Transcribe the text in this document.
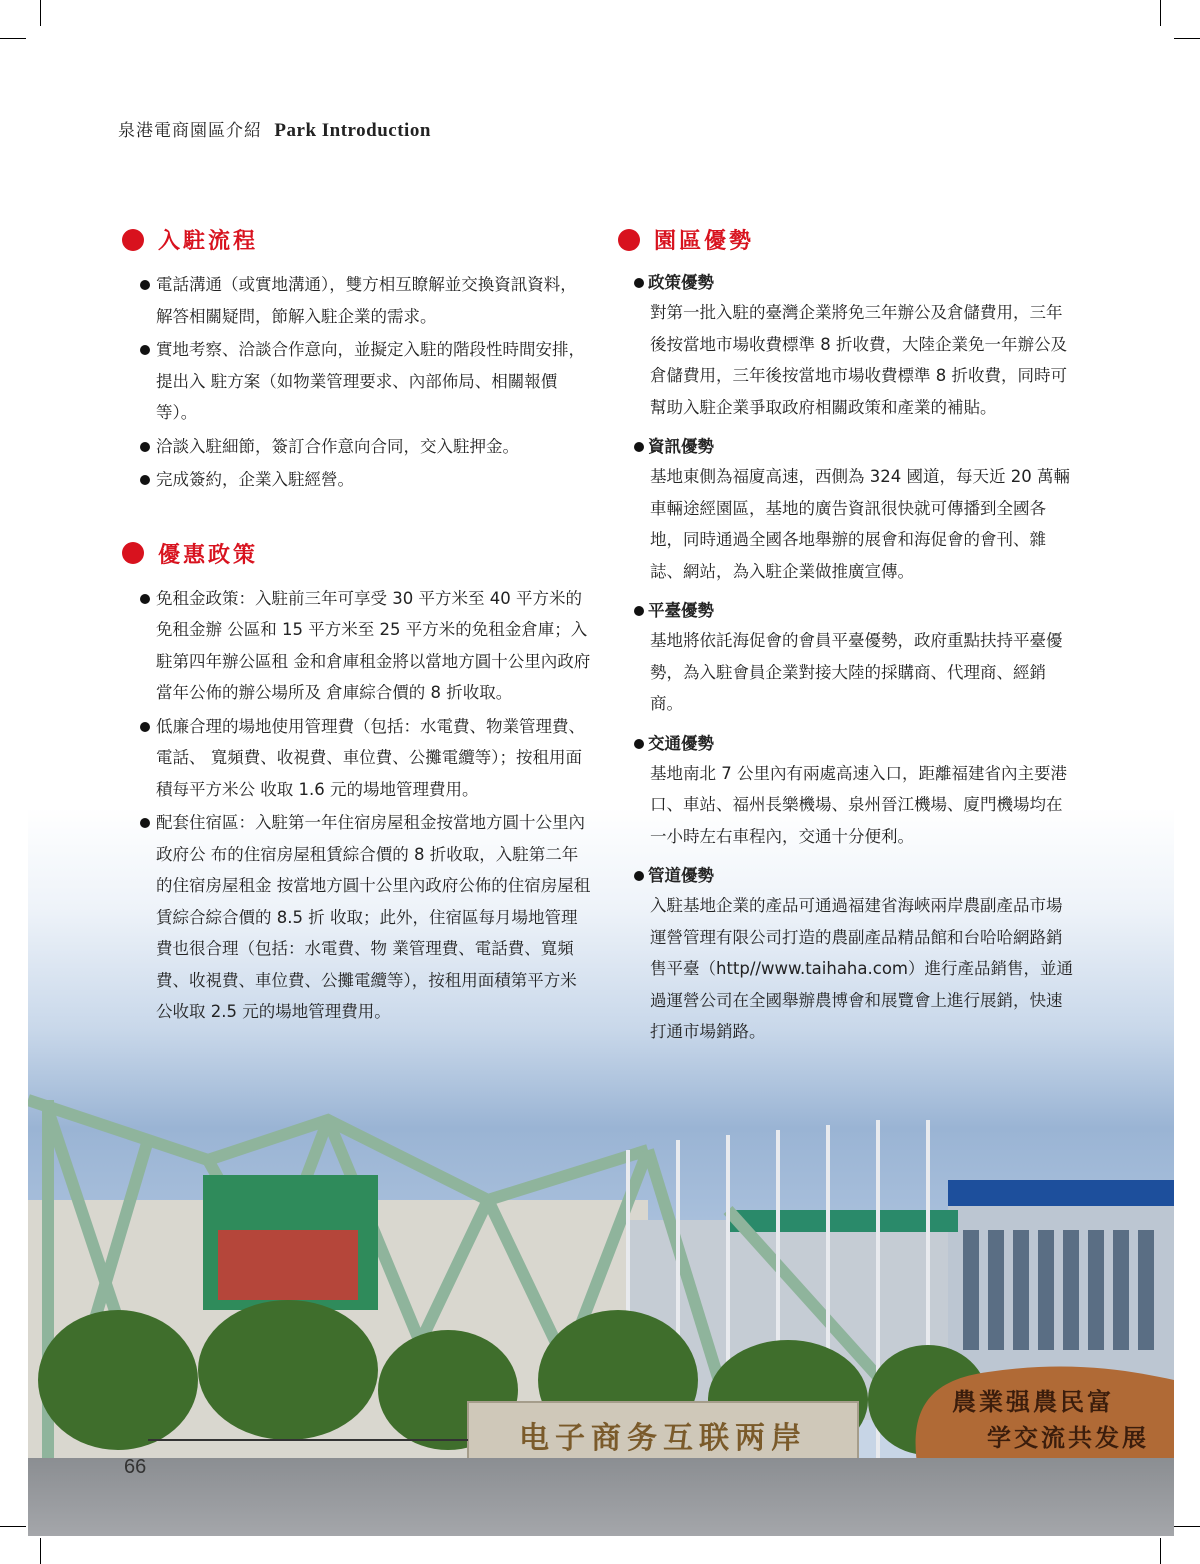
泉港電商園區介紹 Park Introduction
入駐流程
電話溝通（或實地溝通），雙方相互瞭解並交換資訊資料，解答相關疑問，節解入駐企業的需求。
實地考察、洽談合作意向，並擬定入駐的階段性時間安排，提出入 駐方案（如物業管理要求、內部佈局、相關報價等）。
洽談入駐細節，簽訂合作意向合同，交入駐押金。
完成簽約，企業入駐經營。
優惠政策
免租金政策：入駐前三年可享受 30 平方米至 40 平方米的免租金辦 公區和 15 平方米至 25 平方米的免租金倉庫；入駐第四年辦公區租 金和倉庫租金將以當地方圓十公里內政府當年公佈的辦公場所及 倉庫綜合價的 8 折收取。
低廉合理的場地使用管理費（包括：水電費、物業管理費、電話、 寬頻費、收視費、車位費、公攤電纜等）；按租用面積每平方米公 收取 1.6 元的場地管理費用。
配套住宿區：入駐第一年住宿房屋租金按當地方圓十公里內政府公 布的住宿房屋租賃綜合價的 8 折收取，入駐第二年的住宿房屋租金 按當地方圓十公里內政府公佈的住宿房屋租賃綜合綜合價的 8.5 折 收取；此外，住宿區每月場地管理費也很合理（包括：水電費、物 業管理費、電話費、寬頻費、收視費、車位費、公攤電纜等），按租用面積第平方米公收取 2.5 元的場地管理費用。
園區優勢
政策優勢
對第一批入駐的臺灣企業將免三年辦公及倉儲費用，三年後按當地市場收費標準 8 折收費，大陸企業免一年辦公及倉儲費用，三年後按當地市場收費標準 8 折收費，同時可幫助入駐企業爭取政府相關政策和產業的補貼。
資訊優勢
基地東側為福廈高速，西側為 324 國道，每天近 20 萬輛車輛途經園區，基地的廣告資訊很快就可傳播到全國各地，同時通過全國各地舉辦的展會和海促會的會刊、雜誌、網站，為入駐企業做推廣宣傳。
平臺優勢
基地將依託海促會的會員平臺優勢，政府重點扶持平臺優勢，為入駐會員企業對接大陸的採購商、代理商、經銷商。
交通優勢
基地南北 7 公里內有兩處高速入口，距離福建省內主要港口、車站、福州長樂機場、泉州晉江機場、廈門機場均在一小時左右車程內，交通十分便利。
管道優勢
入駐基地企業的產品可通過福建省海峽兩岸農副產品市場運營管理有限公司打造的農副產品精品館和台哈哈網路銷售平臺（http//www.taihaha.com）進行產品銷售，並通過運營公司在全國舉辦農博會和展覽會上進行展銷，快速打通市場銷路。
电子商务互联两岸
農業强農民富
学交流共发展
66
